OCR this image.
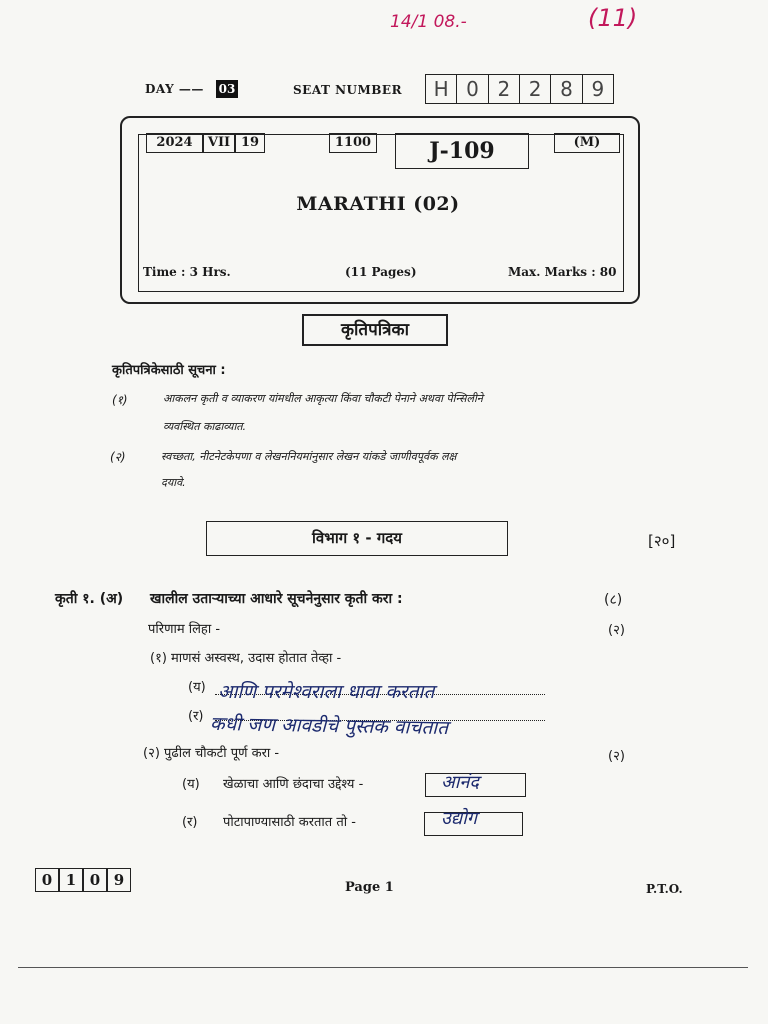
14/1 08.-	(11)
DAY —— 03	SEAT NUMBER	H 0 2 2 8 9
2024	VII 19	1100	J-109	(M)
MARATHI (02)
Time : 3 Hrs.	(11 Pages)	Max. Marks : 80
कृतिपत्रिका
कृतिपत्रिकेसाठी सूचना :
(१)	आकलन कृती व व्याकरण यांमधील आकृत्या किंवा चौकटी पेनाने अथवा पेन्सिलीने
व्यवस्थित काढाव्यात.
(२)	स्वच्छता, नीटनेटकेपणा व लेखननियमांनुसार लेखन यांकडे जाणीवपूर्वक लक्ष
दयावे.
विभाग १ - गदय	[२०]
कृती १. (अ) खालील उताऱ्याच्या आधारे सूचनेनुसार कृती करा :	(८)
परिणाम लिहा -	(२)
(१) माणसं अस्वस्थ, उदास होतात तेव्हा -
(य) आणि परमेश्वराला धावा करतात
(र) कधी जण आवडीचे पुस्तक वाचतात
(२) पुढील चौकटी पूर्ण करा -	(२)
(य) खेळाचा आणि छंदाचा उद्देश्य -	आनंद
(र) पोटापाण्यासाठी करतात तो -	उद्योग
0 1 0 9	Page 1	P.T.O.
